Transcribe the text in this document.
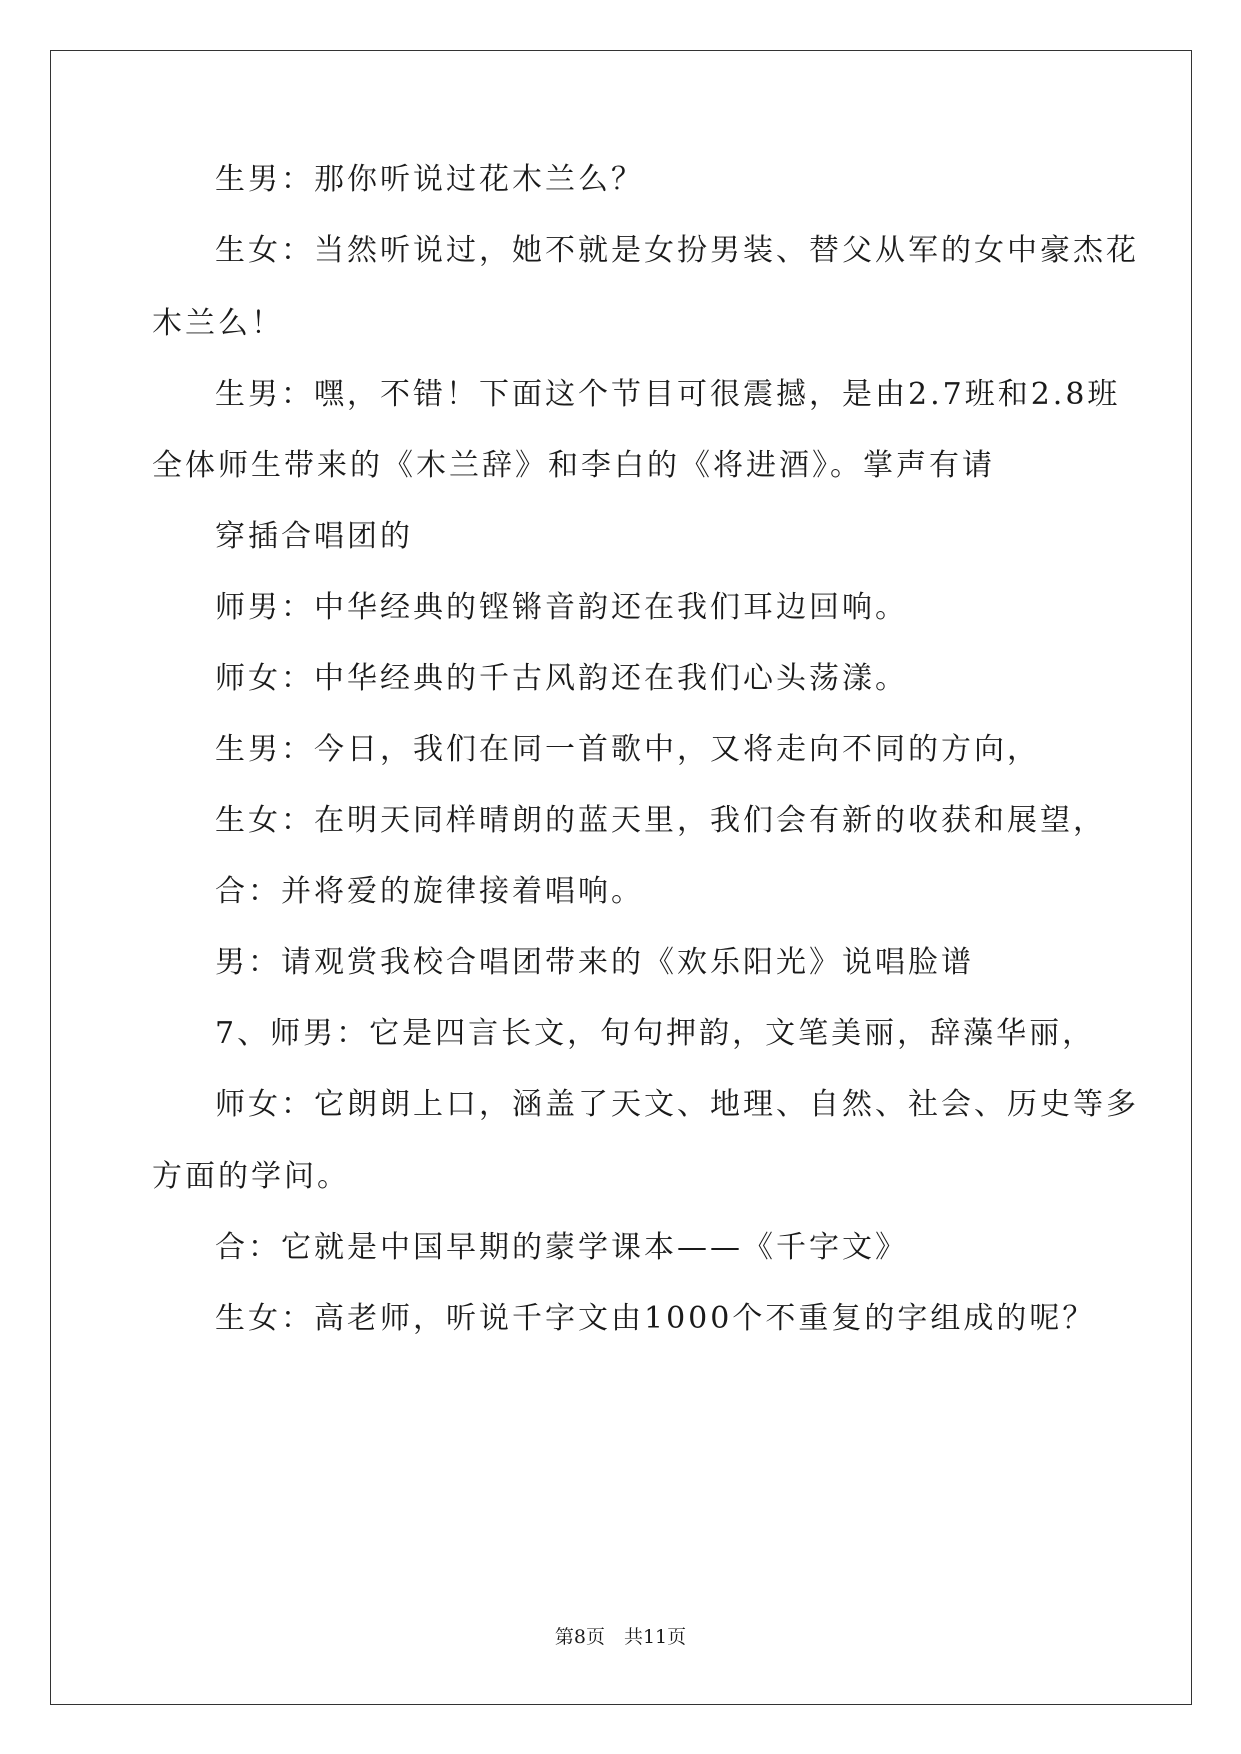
生男：那你听说过花木兰么？
生女：当然听说过，她不就是女扮男装、替父从军的女中豪杰花
木兰么！
生男：嘿，不错！下面这个节目可很震撼，是由2.7班和2.8班
全体师生带来的《木兰辞》和李白的《将进酒》。掌声有请
穿插合唱团的
师男：中华经典的铿锵音韵还在我们耳边回响。
师女：中华经典的千古风韵还在我们心头荡漾。
生男：今日，我们在同一首歌中，又将走向不同的方向，
生女：在明天同样晴朗的蓝天里，我们会有新的收获和展望，
合：并将爱的旋律接着唱响。
男：请观赏我校合唱团带来的《欢乐阳光》说唱脸谱
7、师男：它是四言长文，句句押韵，文笔美丽，辞藻华丽，
师女：它朗朗上口，涵盖了天文、地理、自然、社会、历史等多
方面的学问。
合：它就是中国早期的蒙学课本——《千字文》
生女：高老师，听说千字文由1000个不重复的字组成的呢？
第8页　共11页
